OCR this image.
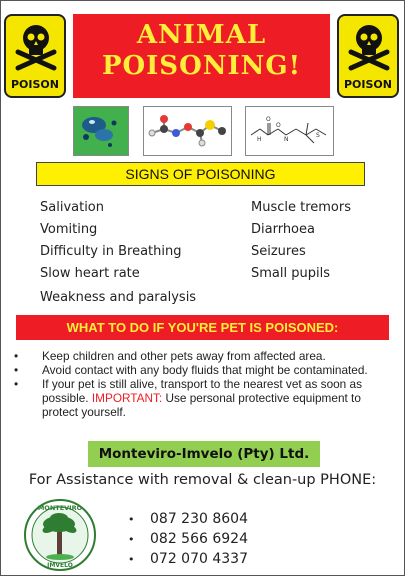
POISON
ANIMAL
POISONING!
POISON
H
O
O
N
S
SIGNS OF POISONING
Salivation
Vomiting
Difficulty in Breathing
Slow heart rate
Weakness and paralysis
Muscle tremors
Diarrhoea
Seizures
Small pupils
WHAT TO DO IF YOU'RE PET IS POISONED:
• Keep children and other pets away from affected area.
• Avoid contact with any body fluids that might be contaminated.
• If your pet is still alive, transport to the nearest vet as soon as possible. IMPORTANT: Use personal protective equipment to protect yourself.
Monteviro-Imvelo (Pty) Ltd.
For Assistance with removal & clean-up PHONE:
MONTEVIRO
IMVELO
• 087 230 8604
• 082 566 6924
• 072 070 4337
